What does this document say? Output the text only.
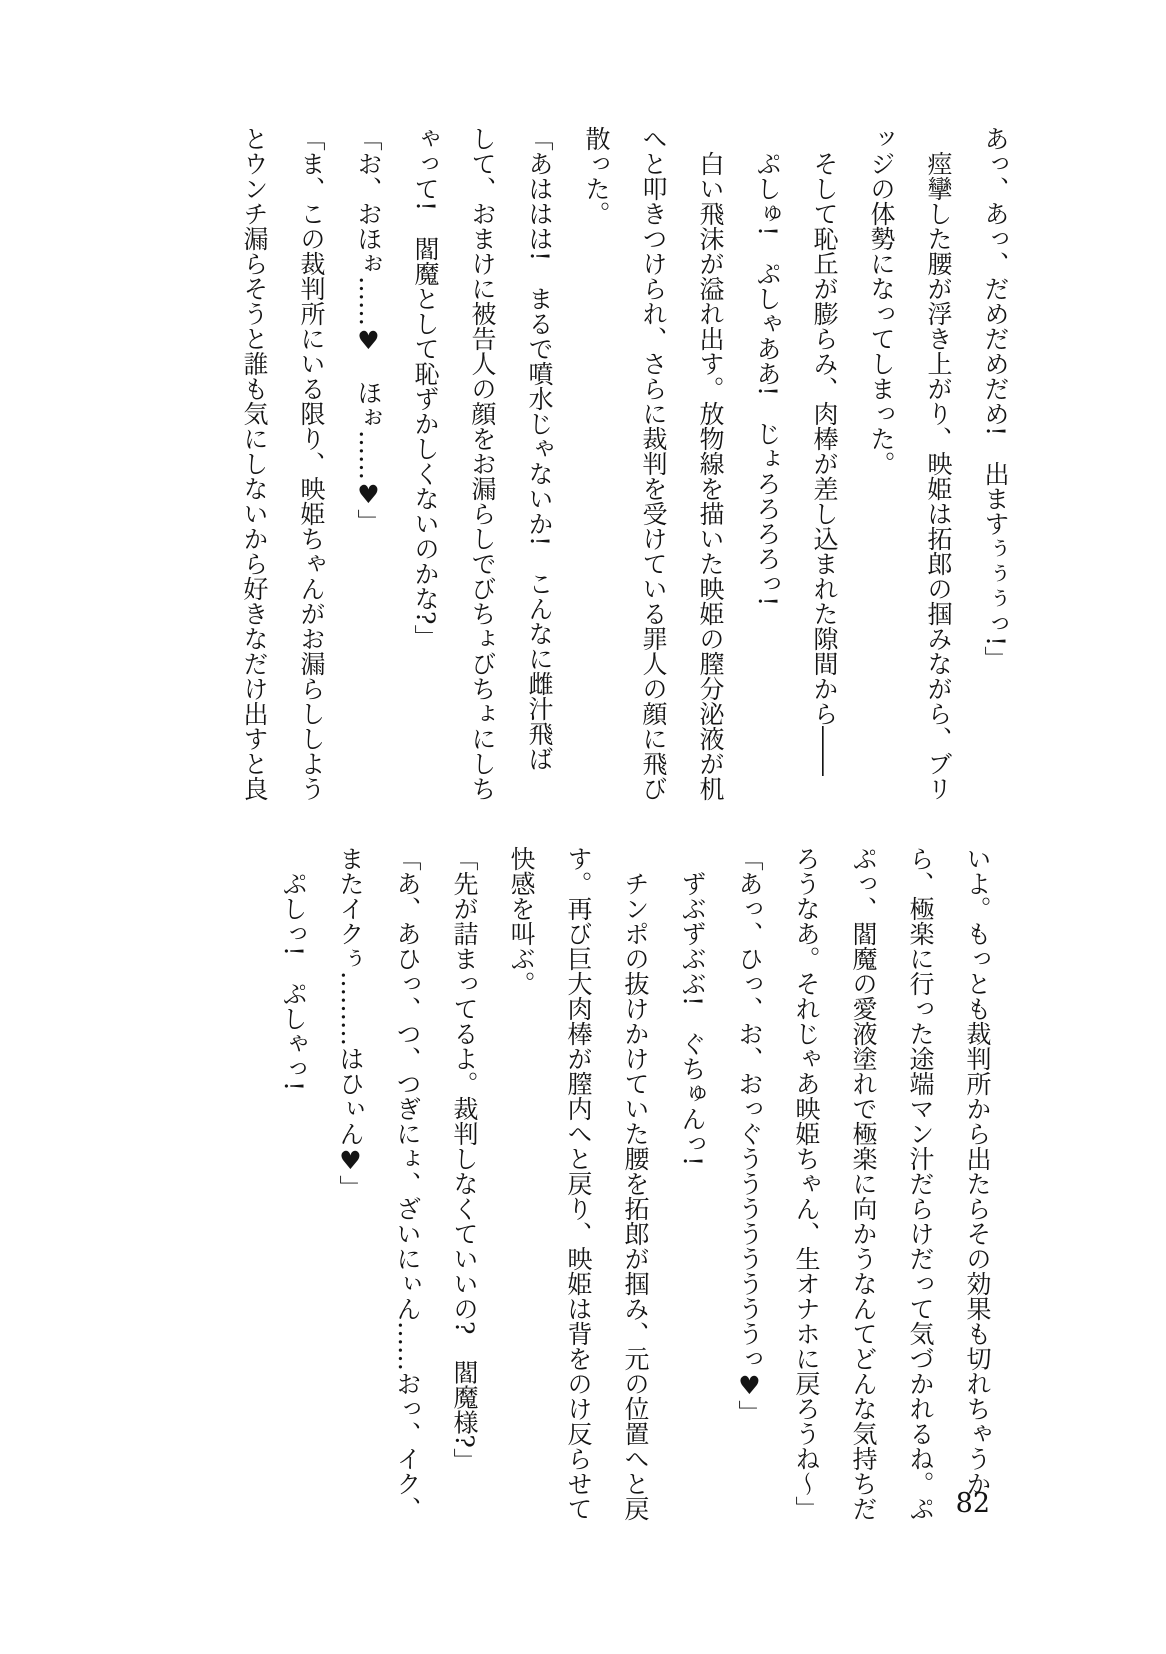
あっ、あっ、だめだめだめ!　出ますぅぅぅっ!」
　痙攣した腰が浮き上がり、映姫は拓郎の掴みながら、ブリ
ッジの体勢になってしまった。
　そして恥丘が膨らみ、肉棒が差し込まれた隙間から――
　ぷしゅ!　ぷしゃああ!　じょろろろろっ!
　白い飛沫が溢れ出す。放物線を描いた映姫の膣分泌液が机
へと叩きつけられ、さらに裁判を受けている罪人の顔に飛び
散った。
「あははは!　まるで噴水じゃないか!　こんなに雌汁飛ば
して、おまけに被告人の顔をお漏らしでびちょびちょにしち
ゃって!　閻魔として恥ずかしくないのかな?」
「お、おほぉ……♥　ほぉ……♥」
「ま、この裁判所にいる限り、映姫ちゃんがお漏らししよう
とウンチ漏らそうと誰も気にしないから好きなだけ出すと良
いよ。もっとも裁判所から出たらその効果も切れちゃうか
ら、極楽に行った途端マン汁だらけだって気づかれるね。ぷ
ぷっ、閻魔の愛液塗れで極楽に向かうなんてどんな気持ちだ
ろうなあ。それじゃあ映姫ちゃん、生オナホに戻ろうね〜」
「あっ、ひっ、お、おっぐううううううううっ♥」
　ずぶずぶぶ!　ぐちゅんっ!
　チンポの抜けかけていた腰を拓郎が掴み、元の位置へと戻
す。再び巨大肉棒が膣内へと戻り、映姫は背をのけ反らせて
快感を叫ぶ。
「先が詰まってるよ。裁判しなくていいの?　閻魔様?」
「あ、あひっ、つ、つぎにょ、ざいにぃん……おっ、イク、
またイクぅ………はひぃん♥」
　ぷしっ!　ぷしゃっ!
82
